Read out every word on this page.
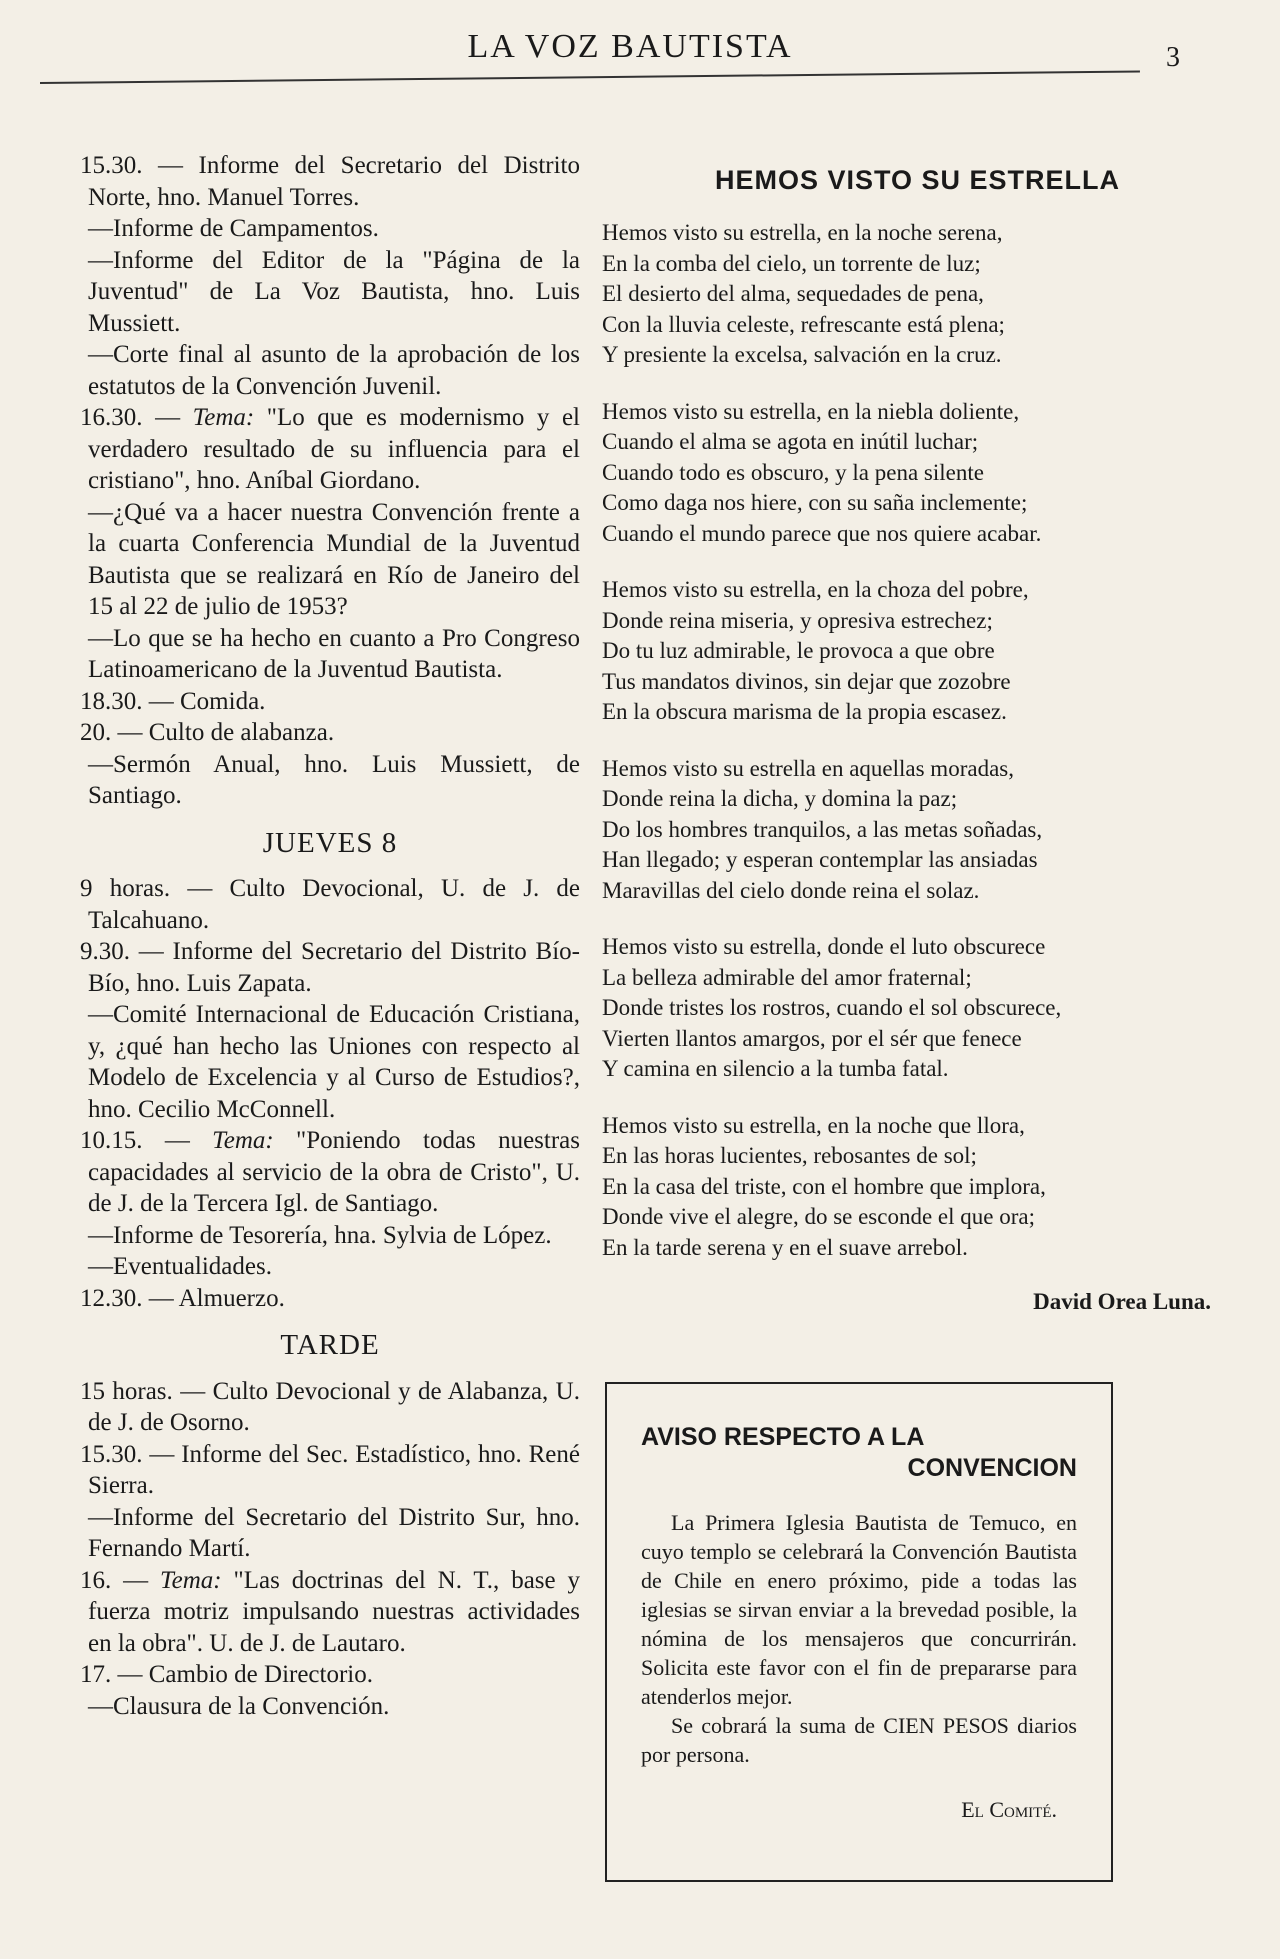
LA VOZ BAUTISTA	3
15.30. — Informe del Secretario del Distrito Norte, hno. Manuel Torres.
—Informe de Campamentos.
—Informe del Editor de la "Página de la Juventud" de La Voz Bautista, hno. Luis Mussiett.
—Corte final al asunto de la aprobación de los estatutos de la Convención Juvenil.
16.30. — Tema: "Lo que es modernismo y el verdadero resultado de su influencia para el cristiano", hno. Aníbal Giordano.
—¿Qué va a hacer nuestra Convención frente a la cuarta Conferencia Mundial de la Juventud Bautista que se realizará en Río de Janeiro del 15 al 22 de julio de 1953?
—Lo que se ha hecho en cuanto a Pro Congreso Latinoamericano de la Juventud Bautista.
18.30. — Comida.
20. — Culto de alabanza.
—Sermón Anual, hno. Luis Mussiett, de Santiago.
JUEVES 8
9 horas. — Culto Devocional, U. de J. de Talcahuano.
9.30. — Informe del Secretario del Distrito Bío-Bío, hno. Luis Zapata.
—Comité Internacional de Educación Cristiana, y, ¿qué han hecho las Uniones con respecto al Modelo de Excelencia y al Curso de Estudios?, hno. Cecilio McConnell.
10.15. — Tema: "Poniendo todas nuestras capacidades al servicio de la obra de Cristo", U. de J. de la Tercera Igl. de Santiago.
—Informe de Tesorería, hna. Sylvia de López.
—Eventualidades.
12.30. — Almuerzo.
TARDE
15 horas. — Culto Devocional y de Alabanza, U. de J. de Osorno.
15.30. — Informe del Sec. Estadístico, hno. René Sierra.
—Informe del Secretario del Distrito Sur, hno. Fernando Martí.
16. — Tema: "Las doctrinas del N. T., base y fuerza motriz impulsando nuestras actividades en la obra". U. de J. de Lautaro.
17. — Cambio de Directorio.
—Clausura de la Convención.
HEMOS VISTO SU ESTRELLA
Hemos visto su estrella, en la noche serena,
En la comba del cielo, un torrente de luz;
El desierto del alma, sequedades de pena,
Con la lluvia celeste, refrescante está plena;
Y presiente la excelsa, salvación en la cruz.
Hemos visto su estrella, en la niebla doliente,
Cuando el alma se agota en inútil luchar;
Cuando todo es obscuro, y la pena silente
Como daga nos hiere, con su saña inclemente;
Cuando el mundo parece que nos quiere acabar.
Hemos visto su estrella, en la choza del pobre,
Donde reina miseria, y opresiva estrechez;
Do tu luz admirable, le provoca a que obre
Tus mandatos divinos, sin dejar que zozobre
En la obscura marisma de la propia escasez.
Hemos visto su estrella en aquellas moradas,
Donde reina la dicha, y domina la paz;
Do los hombres tranquilos, a las metas soñadas,
Han llegado; y esperan contemplar las ansiadas
Maravillas del cielo donde reina el solaz.
Hemos visto su estrella, donde el luto obscurece
La belleza admirable del amor fraternal;
Donde tristes los rostros, cuando el sol obscurece,
Vierten llantos amargos, por el sér que fenece
Y camina en silencio a la tumba fatal.
Hemos visto su estrella, en la noche que llora,
En las horas lucientes, rebosantes de sol;
En la casa del triste, con el hombre que implora,
Donde vive el alegre, do se esconde el que ora;
En la tarde serena y en el suave arrebol.
David Orea Luna.
AVISO RESPECTO A LA
CONVENCION

La Primera Iglesia Bautista de Temuco, en cuyo templo se celebrará la Convención Bautista de Chile en enero próximo, pide a todas las iglesias se sirvan enviar a la brevedad posible, la nómina de los mensajeros que concurrirán. Solicita este favor con el fin de prepararse para atenderlos mejor.

Se cobrará la suma de CIEN PESOS diarios por persona.

El Comité.
